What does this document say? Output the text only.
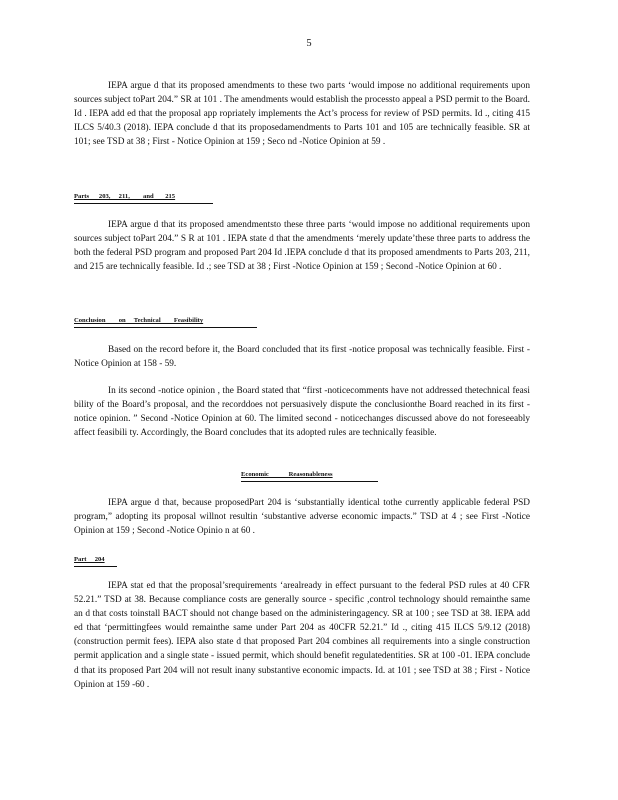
5

IEPA argue d that its proposed amendments to these two parts ‘would impose no additional requirements upon sources subject toPart 204.” SR at 101 . The amendments would establish the processto appeal a PSD permit to the Board. Id . IEPA add ed that the proposal app ropriately implements the Act’s process for review of PSD permits. Id ., citing 415 ILCS 5/40.3 (2018). IEPA conclude d that its proposedamendments to Parts 101 and 105 are technically feasible. SR at 101; see TSD at 38 ; First - Notice Opinion at 159 ; Seco nd -Notice Opinion at 59 .

Parts      203,     211,        and       215

IEPA argue d that its proposed amendmentsto these three parts ‘would impose no additional requirements upon sources subject toPart 204.” S R at 101 . IEPA state d that the amendments ‘merely update’these three parts to address the both the federal PSD program and proposed Part 204 Id .IEPA conclude d that its proposed amendments to Parts 203, 211, and 215 are technically feasible. Id .; see TSD at 38 ; First -Notice Opinion at 159 ; Second -Notice Opinion at 60 .

Conclusion        on     Technical        Feasibility

Based on the record before it, the Board concluded that its first -notice proposal was technically feasible. First -Notice Opinion at 158 - 59.

In its second -notice opinion , the Board stated that “first -noticecomments have not addressed thetechnical feasi bility of the Board’s proposal, and the recorddoes not persuasively dispute the conclusionthe Board reached in its first - notice opinion. ” Second -Notice Opinion at 60. The limited second - noticechanges discussed above do not foreseeably affect feasibili ty. Accordingly, the Board concludes that its adopted rules are technically feasible.

Economic            Reasonableness

IEPA argue d that, because proposedPart 204 is ‘substantially identical tothe currently applicable federal PSD program,” adopting its proposal willnot resultin ‘substantive adverse economic impacts.” TSD at 4 ; see First -Notice Opinion at 159 ; Second -Notice Opinio n at 60 .

Part     204

IEPA stat ed that the proposal’srequirements ‘arealready in effect pursuant to the federal PSD rules at 40 CFR 52.21.” TSD at 38. Because compliance costs are generally source - specific ,control technology should remainthe same an d that costs toinstall BACT should not change based on the administeringagency. SR at 100 ; see TSD at 38. IEPA add ed that ‘permittingfees would remainthe same under Part 204 as 40CFR 52.21.” Id ., citing 415 ILCS 5/9.12 (2018) (construction permit fees). IEPA also state d that proposed Part 204 combines all requirements into a single construction permit application and a single state - issued permit, which should benefit regulatedentities. SR at 100 -01. IEPA conclude d that its proposed Part 204 will not result inany substantive economic impacts. Id. at 101 ; see TSD at 38 ; First - Notice Opinion at 159 -60 .
